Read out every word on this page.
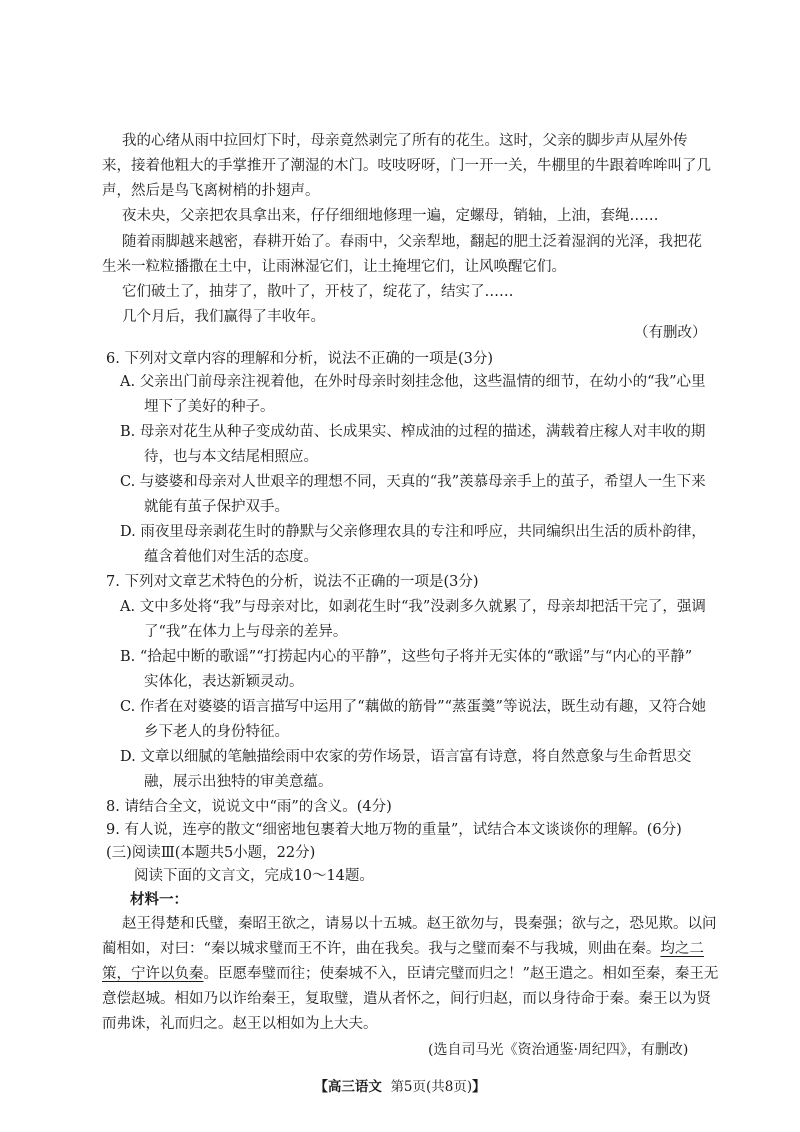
我的心绪从雨中拉回灯下时，母亲竟然剥完了所有的花生。这时，父亲的脚步声从屋外传
来，接着他粗大的手掌推开了潮湿的木门。吱吱呀呀，门一开一关，牛棚里的牛跟着哞哞叫了几
声，然后是鸟飞离树梢的扑翅声。
夜未央，父亲把农具拿出来，仔仔细细地修理一遍，定螺母，销轴，上油，套绳……
随着雨脚越来越密，春耕开始了。春雨中，父亲犁地，翻起的肥土泛着湿润的光泽，我把花
生米一粒粒播撒在土中，让雨淋湿它们，让土掩埋它们，让风唤醒它们。
它们破土了，抽芽了，散叶了，开枝了，绽花了，结实了……
几个月后，我们赢得了丰收年。
（有删改）
6. 下列对文章内容的理解和分析，说法不正确的一项是(3分)
A. 父亲出门前母亲注视着他，在外时母亲时刻挂念他，这些温情的细节，在幼小的“我”心里
埋下了美好的种子。
B. 母亲对花生从种子变成幼苗、长成果实、榨成油的过程的描述，满载着庄稼人对丰收的期
待，也与本文结尾相照应。
C. 与婆婆和母亲对人世艰辛的理想不同，天真的“我”羡慕母亲手上的茧子，希望人一生下来
就能有茧子保护双手。
D. 雨夜里母亲剥花生时的静默与父亲修理农具的专注和呼应，共同编织出生活的质朴韵律，
蕴含着他们对生活的态度。
7. 下列对文章艺术特色的分析，说法不正确的一项是(3分)
A. 文中多处将“我”与母亲对比，如剥花生时“我”没剥多久就累了，母亲却把活干完了，强调
了“我”在体力上与母亲的差异。
B. “拾起中断的歌谣”“打捞起内心的平静”，这些句子将并无实体的“歌谣”与“内心的平静”
实体化，表达新颖灵动。
C. 作者在对婆婆的语言描写中运用了“藕做的筋骨”“蒸蛋羹”等说法，既生动有趣，又符合她
乡下老人的身份特征。
D. 文章以细腻的笔触描绘雨中农家的劳作场景，语言富有诗意，将自然意象与生命哲思交
融，展示出独特的审美意蕴。
8. 请结合全文，说说文中“雨”的含义。(4分)
9. 有人说，连亭的散文“细密地包裹着大地万物的重量”，试结合本文谈谈你的理解。(6分)
(三)阅读Ⅲ(本题共5小题，22分)
阅读下面的文言文，完成10～14题。
材料一：
赵王得楚和氏璧，秦昭王欲之，请易以十五城。赵王欲勿与，畏秦强；欲与之，恐见欺。以问
蔺相如，对曰：“秦以城求璧而王不许，曲在我矣。我与之璧而秦不与我城，则曲在秦。均之二
策，宁许以负秦。臣愿奉璧而往；使秦城不入，臣请完璧而归之！”赵王遣之。相如至秦，秦王无
意偿赵城。相如乃以诈绐秦王，复取璧，遣从者怀之，间行归赵，而以身待命于秦。秦王以为贤
而弗诛，礼而归之。赵王以相如为上大夫。
(选自司马光《资治通鉴·周纪四》，有删改)
【高三语文 第5页(共8页)】
